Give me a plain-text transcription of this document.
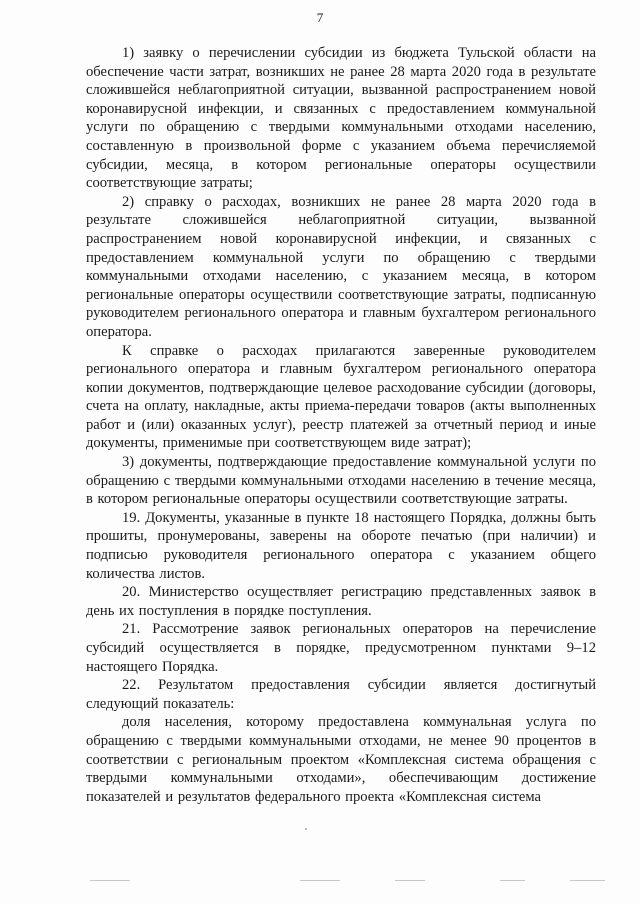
7

1) заявку о перечислении субсидии из бюджета Тульской области на обеспечение части затрат, возникших не ранее 28 марта 2020 года в результате сложившейся неблагоприятной ситуации, вызванной распространением новой коронавирусной инфекции, и связанных с предоставлением коммунальной услуги по обращению с твердыми коммунальными отходами населению, составленную в произвольной форме с указанием объема перечисляемой субсидии, месяца, в котором региональные операторы осуществили соответствующие затраты;

2) справку о расходах, возникших не ранее 28 марта 2020 года в результате сложившейся неблагоприятной ситуации, вызванной распространением новой коронавирусной инфекции, и связанных с предоставлением коммунальной услуги по обращению с твердыми коммунальными отходами населению, с указанием месяца, в котором региональные операторы осуществили соответствующие затраты, подписанную руководителем регионального оператора и главным бухгалтером регионального оператора.

К справке о расходах прилагаются заверенные руководителем регионального оператора и главным бухгалтером регионального оператора копии документов, подтверждающие целевое расходование субсидии (договоры, счета на оплату, накладные, акты приема-передачи товаров (акты выполненных работ и (или) оказанных услуг), реестр платежей за отчетный период и иные документы, применимые при соответствующем виде затрат);

3) документы, подтверждающие предоставление коммунальной услуги по обращению с твердыми коммунальными отходами населению в течение месяца, в котором региональные операторы осуществили соответствующие затраты.

19. Документы, указанные в пункте 18 настоящего Порядка, должны быть прошиты, пронумерованы, заверены на обороте печатью (при наличии) и подписью руководителя регионального оператора с указанием общего количества листов.

20. Министерство осуществляет регистрацию представленных заявок в день их поступления в порядке поступления.

21. Рассмотрение заявок региональных операторов на перечисление субсидий осуществляется в порядке, предусмотренном пунктами 9–12 настоящего Порядка.

22. Результатом предоставления субсидии является достигнутый следующий показатель:

доля населения, которому предоставлена коммунальная услуга по обращению с твердыми коммунальными отходами, не менее 90 процентов в соответствии с региональным проектом «Комплексная система обращения с твердыми коммунальными отходами», обеспечивающим достижение показателей и результатов федерального проекта «Комплексная система
